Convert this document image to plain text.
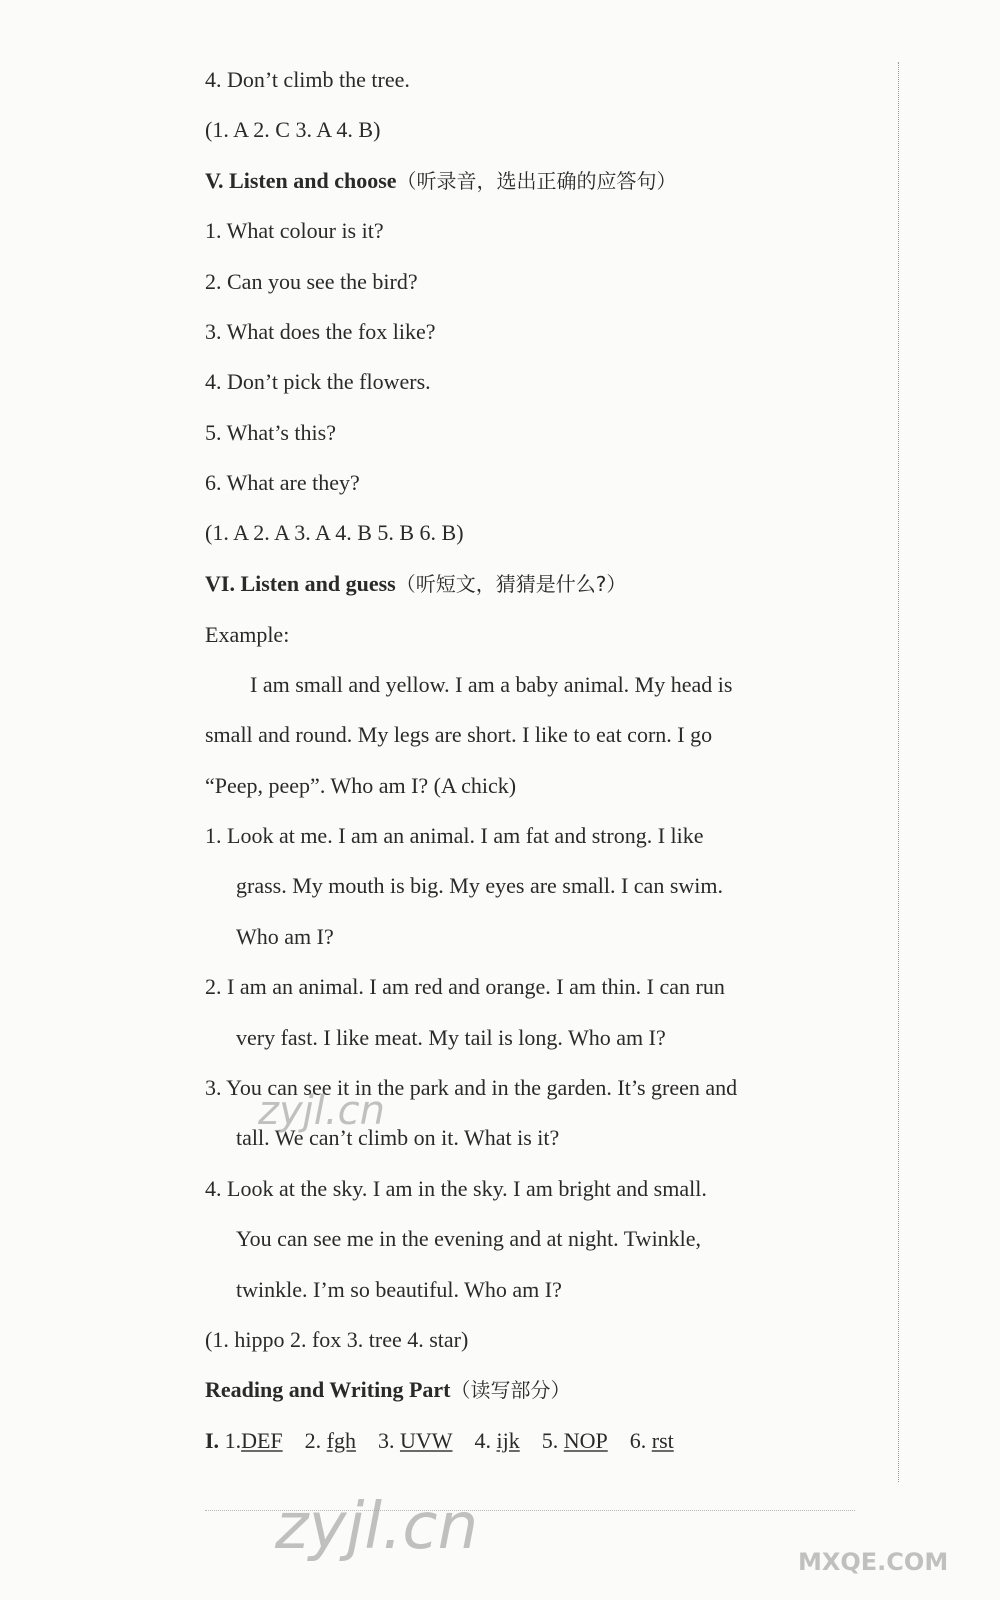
4. Don’t climb the tree.
(1. A 2. C 3. A 4. B)
V. Listen and choose（听录音，选出正确的应答句）
1. What colour is it?
2. Can you see the bird?
3. What does the fox like?
4. Don’t pick the flowers.
5. What’s this?
6. What are they?
(1. A 2. A 3. A 4. B 5. B 6. B)
VI. Listen and guess（听短文，猜猜是什么?）
Example:
I am small and yellow. I am a baby animal. My head is
small and round. My legs are short. I like to eat corn. I go
“Peep, peep”. Who am I? (A chick)
1. Look at me. I am an animal. I am fat and strong. I like
grass. My mouth is big. My eyes are small. I can swim.
Who am I?
2. I am an animal. I am red and orange. I am thin. I can run
very fast. I like meat. My tail is long. Who am I?
3. You can see it in the park and in the garden. It’s green and
tall. We can’t climb on it. What is it?
4. Look at the sky. I am in the sky. I am bright and small.
You can see me in the evening and at night. Twinkle,
twinkle. I’m so beautiful. Who am I?
(1. hippo 2. fox 3. tree 4. star)
Reading and Writing Part（读写部分）
I. 1.DEF 2. fgh 3. UVW 4. ijk 5. NOP 6. rst
zyjl.cn
zyjl.cn	MXQE.COM
